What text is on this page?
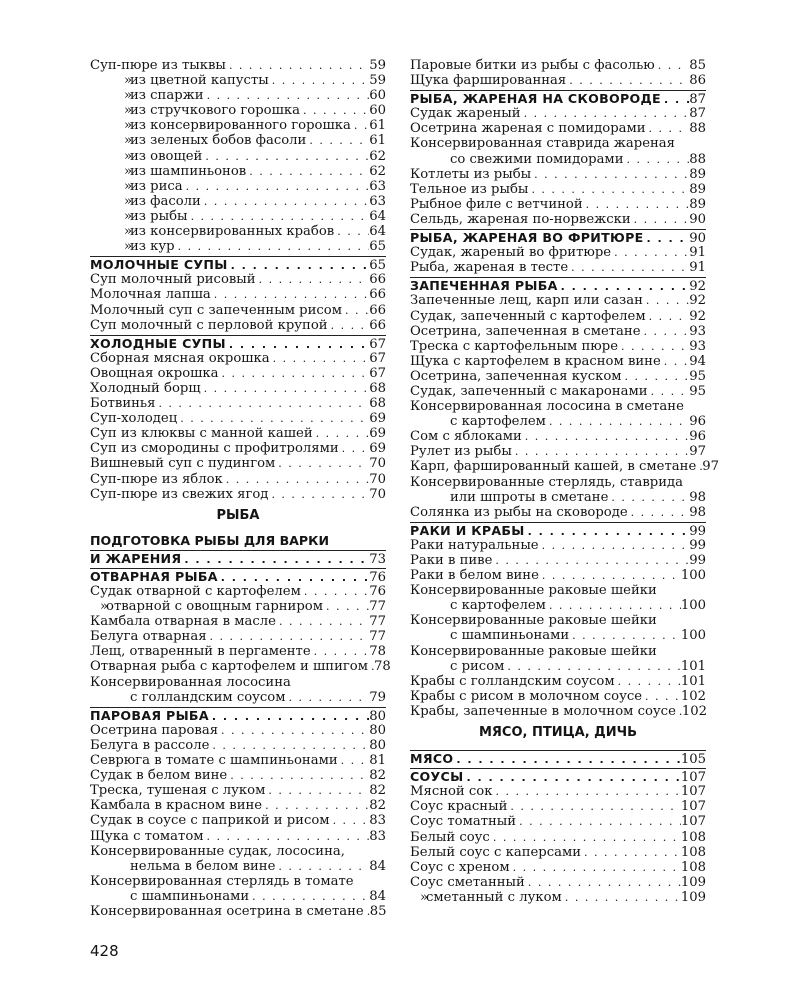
Суп-пюре из тыквы . . .	59
»
из цветной капусты . . .	59
»
из спаржи . . .	60
»
из стручкового горошка . . .	60
»
из консервированного горошка . . . 61
»
из зеленых бобов фасоли . . .	61
»
из овощей . . .	62
»
из шампиньонов . . .	62
»
из риса . . .	63
»
из фасоли . . .	63
»
из рыбы . . .	64
»
из консервированных крабов . . .	64
»
из кур . . .	65
МОЛОЧНЫЕ СУПЫ . . .	65
Суп молочный рисовый . . .	66
Молочная лапша . . .	66
Молочный суп с запеченным рисом . . . 66
Суп молочный с перловой крупой . . .	66
ХОЛОДНЫЕ СУПЫ . . .	67
Сборная мясная окрошка . . .	67
Овощная окрошка . . .	67
Холодный борщ . . .	68
Ботвинья . . .	68
Суп-холодец . . .	69
Суп из клюквы с манной кашей . . .	69
Суп из смородины с профитролями . . . 69
Вишневый суп с пудингом . . .	70
Суп-пюре из яблок . . .	70
Суп-пюре из свежих ягод . . .	70
РЫБА
ПОДГОТОВКА РЫБЫ ДЛЯ ВАРКИ
И ЖАРЕНИЯ . . .	73
ОТВАРНАЯ РЫБА . . .	76
Судак отварной с картофелем . . .	76
»
отварной с овощным гарниром . . .	77
Камбала отварная в масле . . .	77
Белуга отварная . . .	77
Лещ, отваренный в пергаменте . . .	78
Отварная рыба с картофелем и шпигом . . . 78
Консервированная лососина
с голландским соусом . . .	79
ПАРОВАЯ РЫБА . . .	80
Осетрина паровая . . .	80
Белуга в рассоле . . .	80
Севрюга в томате с шампиньонами . . . 81
Судак в белом вине . . .	82
Треска, тушеная с луком . . .	82
Камбала в красном вине . . .	82
Судак в соусе с паприкой и рисом . . .	83
Щука с томатом . . .	83
Консервированные судак, лососина,
нельма в белом вине . . .	84
Консервированная стерлядь в томате
с шампиньонами . . .	84
Консервированная осетрина в сметане . . . 85
Паровые битки из рыбы с фасолью . . .	85
Щука фаршированная . . .	86
РЫБА, ЖАРЕНАЯ НА СКОВОРОДЕ . . . 87
Судак жареный . . .	87
Осетрина жареная с помидорами . . .	88
Консервированная ставрида жареная
со свежими помидорами . . .	88
Котлеты из рыбы . . .	89
Тельное из рыбы . . .	89
Рыбное филе с ветчиной . . .	89
Сельдь, жареная по-норвежски . . .	90
РЫБА, ЖАРЕНАЯ ВО ФРИТЮРЕ . . .	90
Судак, жареный во фритюре . . .	91
Рыба, жареная в тесте . . .	91
ЗАПЕЧЕННАЯ РЫБА . . .	92
Запеченные лещ, карп или сазан . . .	92
Судак, запеченный с картофелем . . .	92
Осетрина, запеченная в сметане . . .	93
Треска с картофельным пюре . . .	93
Щука с картофелем в красном вине . . . 94
Осетрина, запеченная куском . . .	95
Судак, запеченный с макаронами . . .	95
Консервированная лососина в сметане
с картофелем . . .	96
Сом с яблоками . . .	96
Рулет из рыбы . . .	97
Карп, фаршированный кашей, в сметане . . . 97
Консервированные стерлядь, ставрида
или шпроты в сметане . . .	98
Солянка из рыбы на сковороде . . .	98
РАКИ И КРАБЫ . . .	99
Раки натуральные . . .	99
Раки в пиве . . .	99
Раки в белом вине . . .	100
Консервированные раковые шейки
с картофелем . . .	100
Консервированные раковые шейки
с шампиньонами . . .	100
Консервированные раковые шейки
с рисом . . .	101
Крабы с голландским соусом . . .	101
Крабы с рисом в молочном соусе . . .	102
Крабы, запеченные в молочном соусе . . . 102
МЯСО, ПТИЦА, ДИЧЬ
МЯСО . . .	105
СОУСЫ . . .	107
Мясной сок . . .	107
Соус красный . . .	107
Соус томатный . . .	107
Белый соус . . .	108
Белый соус с каперсами . . .	108
Соус с хреном . . .	108
Соус сметанный . . .	109
»
сметанный с луком . . .	109
428
